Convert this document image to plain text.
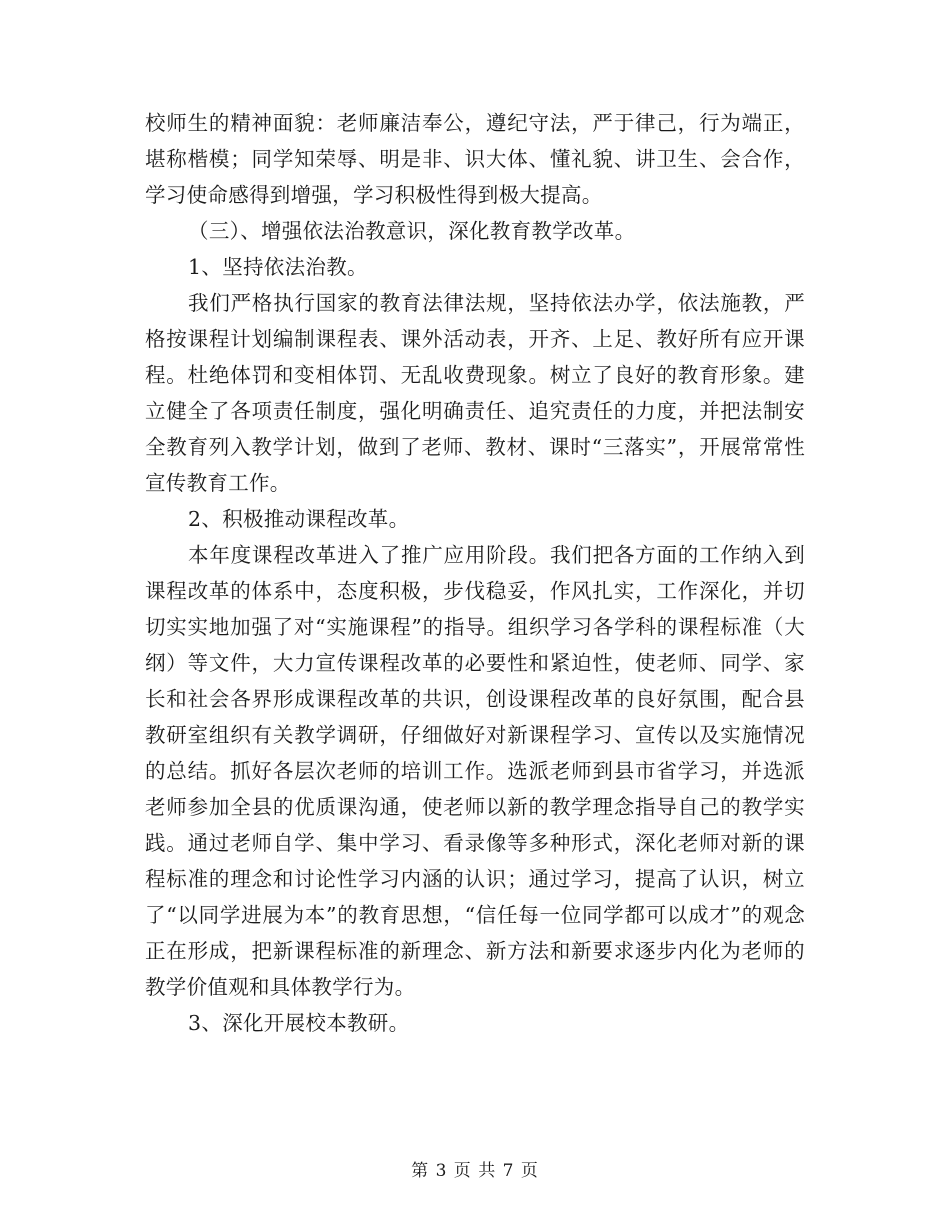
校师生的精神面貌：老师廉洁奉公，遵纪守法，严于律己，行为端正，堪称楷模；同学知荣辱、明是非、识大体、懂礼貌、讲卫生、会合作，学习使命感得到增强，学习积极性得到极大提高。

（三）、增强依法治教意识，深化教育教学改革。

1、坚持依法治教。

我们严格执行国家的教育法律法规，坚持依法办学，依法施教，严格按课程计划编制课程表、课外活动表，开齐、上足、教好所有应开课程。杜绝体罚和变相体罚、无乱收费现象。树立了良好的教育形象。建立健全了各项责任制度，强化明确责任、追究责任的力度，并把法制安全教育列入教学计划，做到了老师、教材、课时“三落实”，开展常常性宣传教育工作。

2、积极推动课程改革。

本年度课程改革进入了推广应用阶段。我们把各方面的工作纳入到课程改革的体系中，态度积极，步伐稳妥，作风扎实，工作深化，并切切实实地加强了对“实施课程”的指导。组织学习各学科的课程标准（大纲）等文件，大力宣传课程改革的必要性和紧迫性，使老师、同学、家长和社会各界形成课程改革的共识，创设课程改革的良好氛围，配合县教研室组织有关教学调研，仔细做好对新课程学习、宣传以及实施情况的总结。抓好各层次老师的培训工作。选派老师到县市省学习，并选派老师参加全县的优质课沟通，使老师以新的教学理念指导自己的教学实践。通过老师自学、集中学习、看录像等多种形式，深化老师对新的课程标准的理念和讨论性学习内涵的认识；通过学习，提高了认识，树立了“以同学进展为本”的教育思想，“信任每一位同学都可以成才”的观念正在形成，把新课程标准的新理念、新方法和新要求逐步内化为老师的教学价值观和具体教学行为。

3、深化开展校本教研。

第 3 页 共 7 页
